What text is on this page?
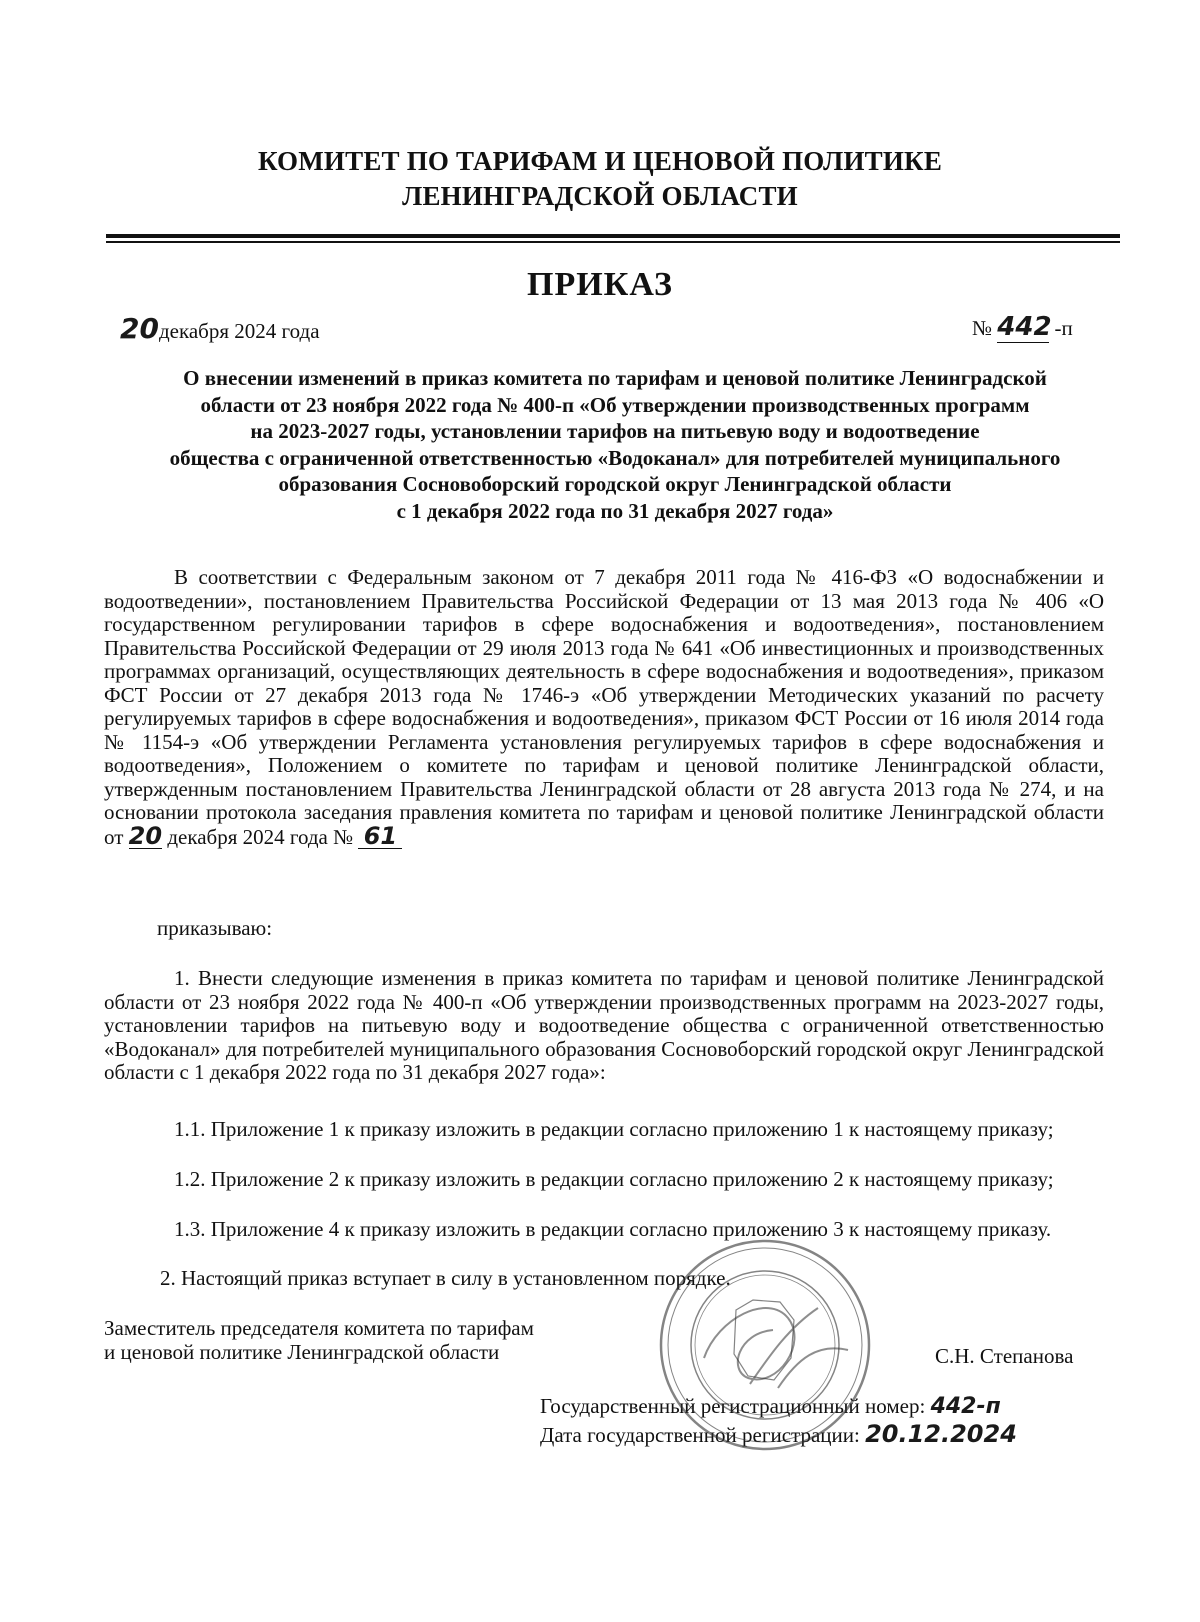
КОМИТЕТ ПО ТАРИФАМ И ЦЕНОВОЙ ПОЛИТИКЕ
ЛЕНИНГРАДСКОЙ ОБЛАСТИ
ПРИКАЗ
20декабря 2024 года	№ 442 -п
О внесении изменений в приказ комитета по тарифам и ценовой политике Ленинградской
области от 23 ноября 2022 года № 400-п «Об утверждении производственных программ
на 2023-2027 годы, установлении тарифов на питьевую воду и водоотведение
общества с ограниченной ответственностью «Водоканал» для потребителей муниципального
образования Сосновоборский городской округ Ленинградской области
с 1 декабря 2022 года по 31 декабря 2027 года»
В соответствии с Федеральным законом от 7 декабря 2011 года № 416-ФЗ «О водоснабжении и водоотведении», постановлением Правительства Российской Федерации от 13 мая 2013 года № 406 «О государственном регулировании тарифов в сфере водоснабжения и водоотведения», постановлением Правительства Российской Федерации от 29 июля 2013 года № 641 «Об инвестиционных и производственных программах организаций, осуществляющих деятельность в сфере водоснабжения и водоотведения», приказом ФСТ России от 27 декабря 2013 года № 1746-э «Об утверждении Методических указаний по расчету регулируемых тарифов в сфере водоснабжения и водоотведения», приказом ФСТ России от 16 июля 2014 года № 1154-э «Об утверждении Регламента установления регулируемых тарифов в сфере водоснабжения и водоотведения», Положением о комитете по тарифам и ценовой политике Ленинградской области, утвержденным постановлением Правительства Ленинградской области от 28 августа 2013 года № 274, и на основании протокола заседания правления комитета по тарифам и ценовой политике Ленинградской области от 20 декабря 2024 года № 61
приказываю:
1. Внести следующие изменения в приказ комитета по тарифам и ценовой политике Ленинградской области от 23 ноября 2022 года № 400-п «Об утверждении производственных программ на 2023-2027 годы, установлении тарифов на питьевую воду и водоотведение общества с ограниченной ответственностью «Водоканал» для потребителей муниципального образования Сосновоборский городской округ Ленинградской области с 1 декабря 2022 года по 31 декабря 2027 года»:
1.1. Приложение 1 к приказу изложить в редакции согласно приложению 1 к настоящему приказу;
1.2. Приложение 2 к приказу изложить в редакции согласно приложению 2 к настоящему приказу;
1.3. Приложение 4 к приказу изложить в редакции согласно приложению 3 к настоящему приказу.
2. Настоящий приказ вступает в силу в установленном порядке.
Заместитель председателя комитета по тарифам
и ценовой политике Ленинградской области	С.Н. Степанова
Государственный регистрационный номер: 442-п
Дата государственной регистрации: 20.12.2024
